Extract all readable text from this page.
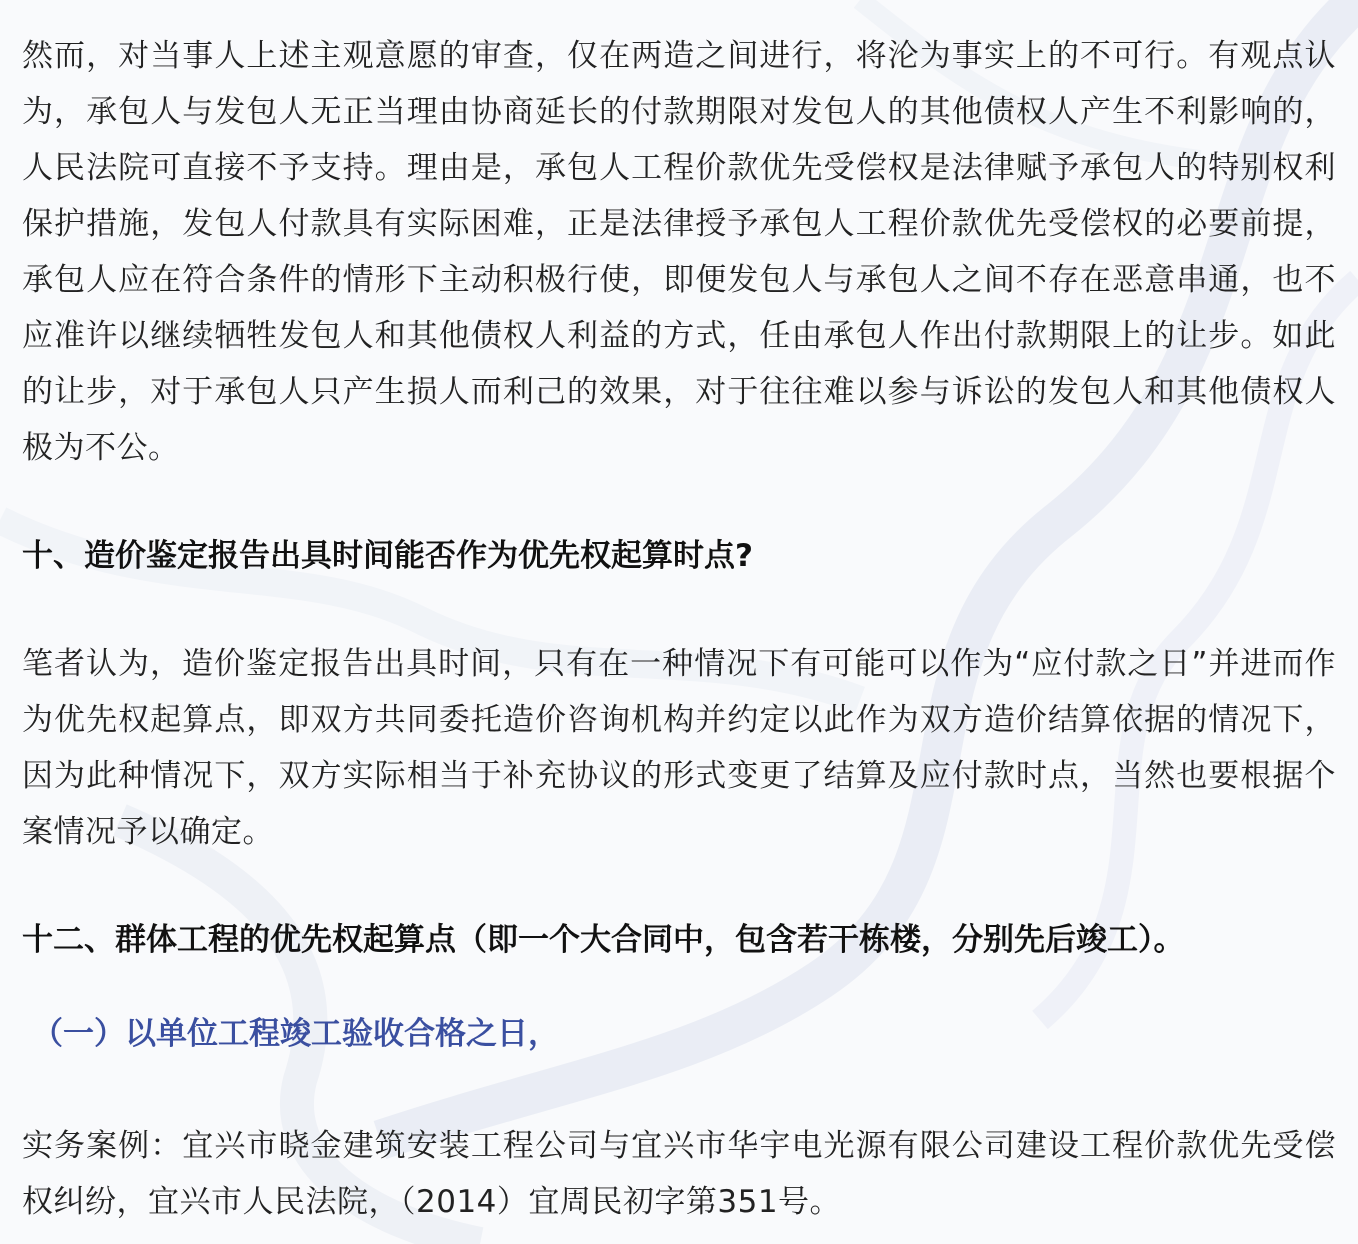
然而，对当事人上述主观意愿的审查，仅在两造之间进行，将沦为事实上的不可行。有观点认为，承包人与发包人无正当理由协商延长的付款期限对发包人的其他债权人产生不利影响的，人民法院可直接不予支持。理由是，承包人工程价款优先受偿权是法律赋予承包人的特别权利保护措施，发包人付款具有实际困难，正是法律授予承包人工程价款优先受偿权的必要前提，承包人应在符合条件的情形下主动积极行使，即便发包人与承包人之间不存在恶意串通，也不应准许以继续牺牲发包人和其他债权人利益的方式，任由承包人作出付款期限上的让步。如此的让步，对于承包人只产生损人而利己的效果，对于往往难以参与诉讼的发包人和其他债权人极为不公。

十、造价鉴定报告出具时间能否作为优先权起算时点?

笔者认为，造价鉴定报告出具时间，只有在一种情况下有可能可以作为“应付款之日”并进而作为优先权起算点，即双方共同委托造价咨询机构并约定以此作为双方造价结算依据的情况下，因为此种情况下，双方实际相当于补充协议的形式变更了结算及应付款时点，当然也要根据个案情况予以确定。

十二、群体工程的优先权起算点（即一个大合同中，包含若干栋楼，分别先后竣工）。

（一）以单位工程竣工验收合格之日，

实务案例：宜兴市晓金建筑安装工程公司与宜兴市华宇电光源有限公司建设工程价款优先受偿权纠纷，宜兴市人民法院，（2014）宜周民初字第351号。
